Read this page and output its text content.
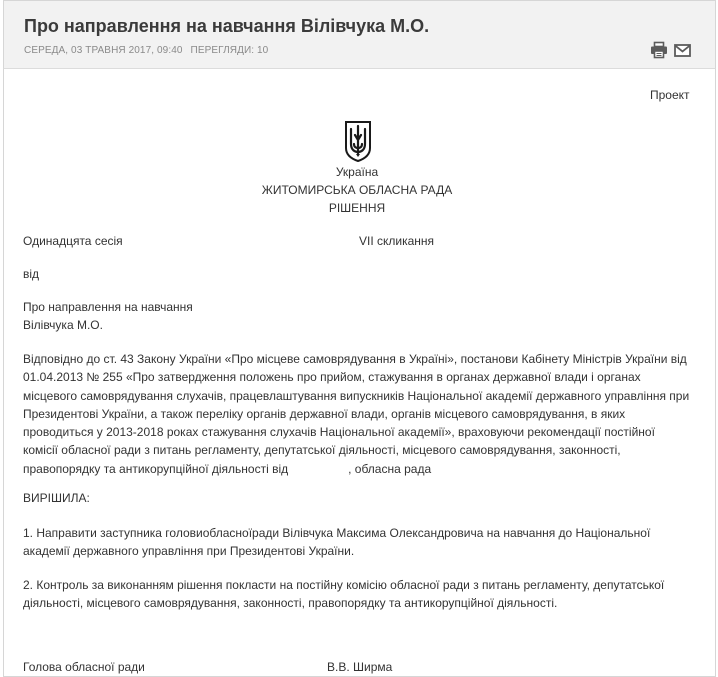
Про направлення на навчання Вілівчука М.О.
СЕРЕДА, 03 ТРАВНЯ 2017, 09:40 ПЕРЕГЛЯДИ: 10
Проект
Україна
ЖИТОМИРСЬКА ОБЛАСНА РАДА
РІШЕННЯ
Одинадцята сесія	VII скликання
від
Про направлення на навчання
Вілівчука М.О.
Відповідно до ст. 43 Закону України «Про місцеве самоврядування в Україні», постанови Кабінету Міністрів України від 01.04.2013 № 255 «Про затвердження положень про прийом, стажування в органах державної влади і органах місцевого самоврядування слухачів, працевлаштування випускників Національної академії державного управління при Президентові України, а також переліку органів державної влади, органів місцевого самоврядування, в яких проводиться у 2013-2018 роках стажування слухачів Національної академії», враховуючи рекомендації постійної комісії обласної ради з питань регламенту, депутатської діяльності, місцевого самоврядування, законності, правопорядку та антикорупційної діяльності від	, обласна рада
ВИРІШИЛА:
1. Направити заступника головиобласноїради Вілівчука Максима Олександровича на навчання до Національної академії державного управління при Президентові України.
2. Контроль за виконанням рішення покласти на постійну комісію обласної ради з питань регламенту, депутатської діяльності, місцевого самоврядування, законності, правопорядку та антикорупційної діяльності.
Голова обласної ради	В.В. Ширма
